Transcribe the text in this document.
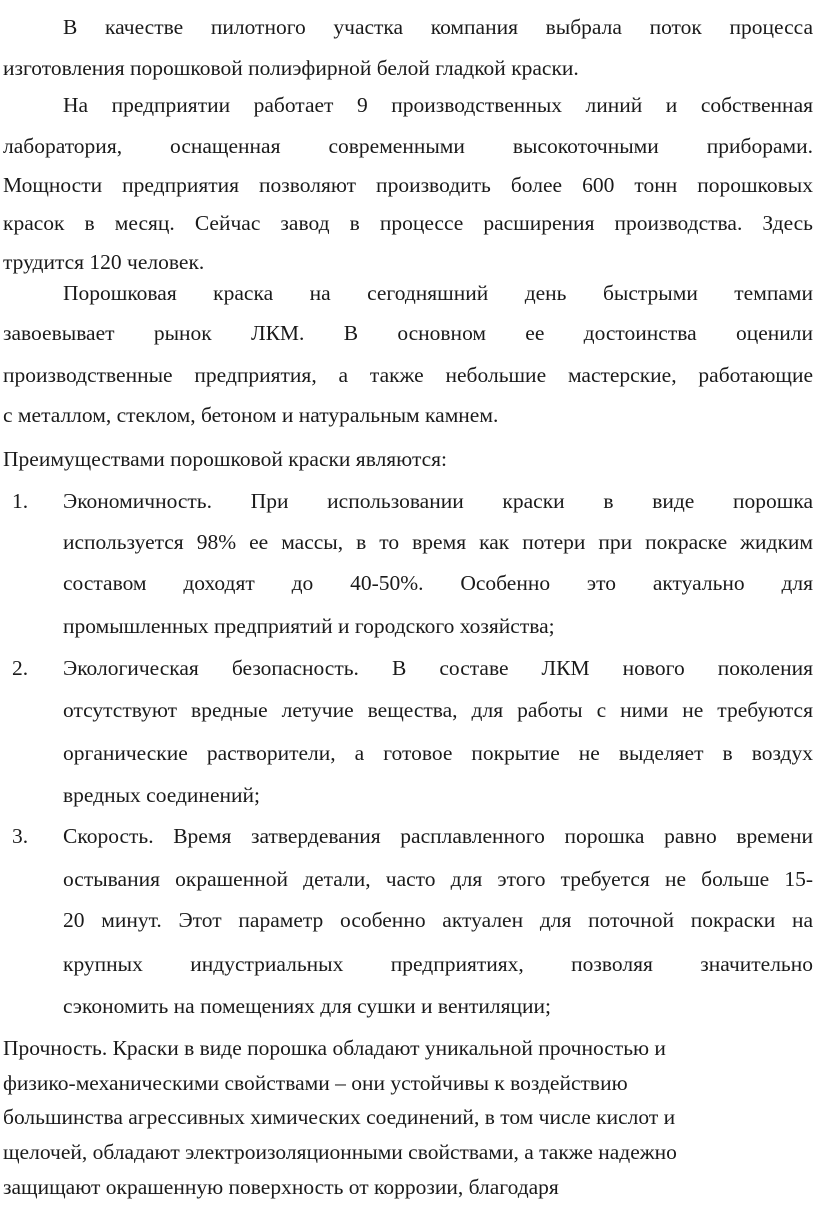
В качестве пилотного участка компания выбрала поток процесса
изготовления порошковой полиэфирной белой гладкой краски.
На предприятии работает 9 производственных линий и собственная
лаборатория, оснащенная современными высокоточными приборами.
Мощности предприятия позволяют производить более 600 тонн порошковых
красок в месяц. Сейчас завод в процессе расширения производства. Здесь
трудится 120 человек.
Порошковая краска на сегодняшний день быстрыми темпами
завоевывает рынок ЛКМ. В основном ее достоинства оценили
производственные предприятия, а также небольшие мастерские, работающие
с металлом, стеклом, бетоном и натуральным камнем.
Преимуществами порошковой краски являются:
1.	Экономичность. При использовании краски в виде порошка
используется 98% ее массы, в то время как потери при покраске жидким
составом доходят до 40-50%. Особенно это актуально для
промышленных предприятий и городского хозяйства;
2.	Экологическая безопасность. В составе ЛКМ нового поколения
отсутствуют вредные летучие вещества, для работы с ними не требуются
органические растворители, а готовое покрытие не выделяет в воздух
вредных соединений;
3.	Скорость. Время затвердевания расплавленного порошка равно времени
остывания окрашенной детали, часто для этого требуется не больше 15-
20 минут. Этот параметр особенно актуален для поточной покраски на
крупных индустриальных предприятиях, позволяя значительно
сэкономить на помещениях для сушки и вентиляции;
Прочность. Краски в виде порошка обладают уникальной прочностью и
физико-механическими свойствами – они устойчивы к воздействию
большинства агрессивных химических соединений, в том числе кислот и
щелочей, обладают электроизоляционными свойствами, а также надежно
защищают окрашенную поверхность от коррозии, благодаря
